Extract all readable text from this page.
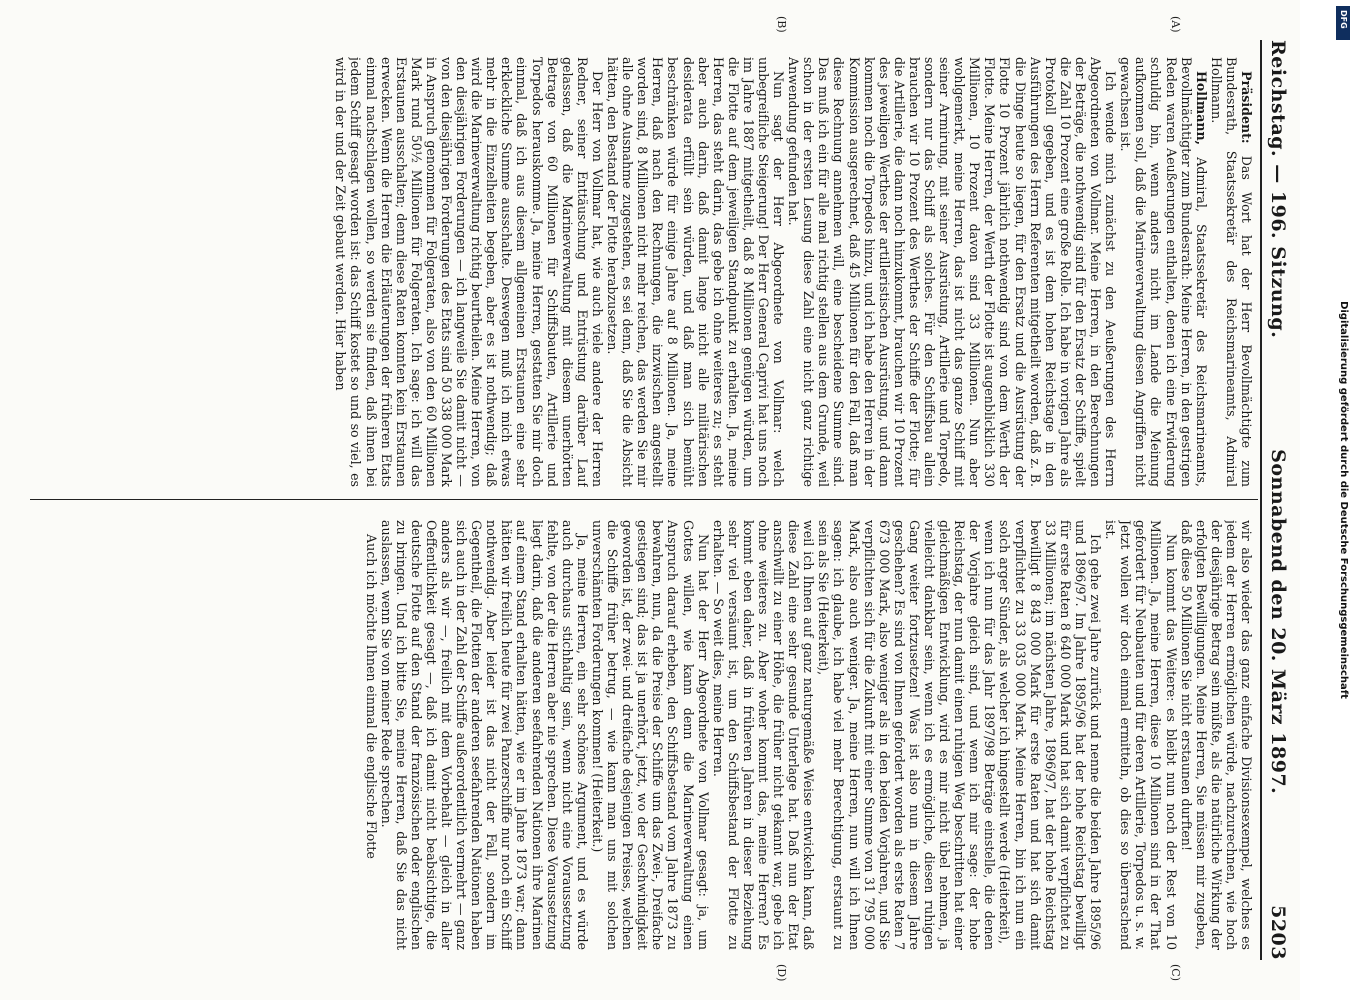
Reichstag. — 196. Sitzung.
Sonnabend den 20. März 1897.
5203
(A)
(B)
(C)
(D)

Präsident: Das Wort hat der Herr Bevollmächtigte zum Bundesrath, Staatssekretär des Reichsmarineamts, Admiral Hollmann.

Hollmann, Admiral, Staatssekretär des Reichsmarineamts, Bevollmächtigter zum Bundesrath: Meine Herren, in den gestrigen Reden waren Aeußerungen enthalten, denen ich eine Erwiderung schuldig bin, wenn anders nicht im Lande die Meinung aufkommen soll, daß die Marineverwaltung diesen Angriffen nicht gewachsen ist.

Ich wende mich zunächst zu den Aeußerungen des Herrn Abgeordneten von Vollmar. Meine Herren, in den Berechnungen der Beträge, die nothwendig sind für den Ersatz der Schiffe, spielt die Zahl 10 Prozent eine große Rolle. Ich habe in vorigen Jahre als Protokoll gegeben, und es ist dem hohen Reichstage in den Ausführungen des Herrn Referenten mitgetheilt worden, daß z. B. die Dinge heute so liegen, für den Ersatz und die Ausrüstung der Flotte 10 Prozent jährlich nothwendig sind von dem Werth der Flotte. Meine Herren, der Werth der Flotte ist augenblicklich 330 Millionen, 10 Prozent davon sind 33 Millionen. Nun aber wohlgemerkt, meine Herren, das ist nicht das ganze Schiff mit seiner Armirung, mit seiner Ausrüstung, Artillerie und Torpedo, sondern nur das Schiff als solches. Für den Schiffsbau allein brauchen wir 10 Prozent des Werthes der Schiffe der Flotte; für die Artillerie, die dann noch hinzukommt, brauchen wir 10 Prozent des jeweiligen Werthes der artilleristischen Ausrüstung, und dann kommen noch die Torpedos hinzu, und ich habe den Herren in der Kommission ausgerechnet, daß 45 Millionen für den Fall, daß man diese Rechnung annehmen will, eine bescheidene Summe sind. Das muß ich ein für alle mal richtig stellen aus dem Grunde, weil schon in der ersten Lesung diese Zahl eine nicht ganz richtige Anwendung gefunden hat.

Nun sagt der Herr Abgeordnete von Vollmar: welch unbegreifliche Steigerung! Der Herr General Caprivi hat uns noch im Jahre 1887 mitgetheilt, daß 8 Millionen genügen würden, um die Flotte auf dem jeweiligen Standpunkt zu erhalten. Ja, meine Herren, das steht darin, das gebe ich ohne weiteres zu; es steht aber auch darin, daß damit lange nicht alle militärischen desiderata erfüllt sein würden, und daß man sich bemüht beschränken würde für einige Jahre auf 8 Millionen. Ja, meine Herren, daß nach den Rechnungen, die inzwischen angestellt worden sind, 8 Millionen nicht mehr reichen, das werden Sie mir alle ohne Ausnahme zugestehen, es sei denn, daß Sie die Absicht hätten, den Bestand der Flotte herabzusetzen.

Der Herr von Vollmar hat, wie auch viele andere der Herren Redner, seiner Enttäuschung und Entrüstung darüber Lauf gelassen, daß die Marineverwaltung mit diesem unerhörten Betrage von 60 Millionen für Schiffsbauten, Artillerie und Torpedos herauskomme. Ja, meine Herren, gestatten Sie mir doch einmal, daß ich aus diesem allgemeinen Erstaunen eine sehr erkleckliche Summe ausschalte. Deswegen muß ich mich etwas mehr in die Einzelheiten begeben, aber es ist nothwendig; daß wird die Marineverwaltung richtig beurtheilen. Meine Herren, von den diesjährigen Forderungen — ich langweile Sie damit nicht — von den diesjährigen Forderungen des Etats sind 50 338 000 Mark in Anspruch genommen für Folgeraten, also von den 60 Millionen Mark rund 50½ Millionen für Folgeraten. Ich sage: ich will das Erstaunen ausschalten; denn diese Raten konnten kein Erstaunen erwecken. Wenn die Herren die Erläuterungen der früheren Etats einmal nachschlagen wollen, so werden sie finden, daß ihnen bei jedem Schiff gesagt worden ist: das Schiff kostet so und so viel, es wird in der und der Zeit gebaut werden. Hier haben

wir also wieder das ganz einfache Divisionsexempel, welches es jedem der Herren ermöglichen würde, nachzurechnen, wie hoch der diesjährige Betrag sein müßte, als die natürliche Wirkung der erfolgten Bewilligungen. Meine Herren, Sie müssen mir zugeben, daß diese 50 Millionen Sie nicht erstaunen durften!

Nun kommt das Weitere: es bleibt nun noch der Rest von 10 Millionen. Ja, meine Herren, diese 10 Millionen sind in der That gefordert für Neubauten und für deren Artillerie, Torpedos u. s. w. Jetzt wollen wir doch einmal ermitteln, ob dies so überraschend ist.

Ich gehe zwei Jahre zurück und nenne die beiden Jahre 1895/96 und 1896/97. Im Jahre 1895/96 hat der hohe Reichstag bewilligt für erste Raten 8 640 000 Mark und hat sich damit verpflichtet zu 33 Millionen; im nächsten Jahre, 1896/97, hat der hohe Reichstag bewilligt 8 843 000 Mark für erste Raten und hat sich damit verpflichtet zu 33 035 000 Mark. Meine Herren, bin ich nun ein solch arger Sünder, als welcher ich hingestellt werde (Heiterkeit),

wenn ich nun für das Jahr 1897/98 Beträge einstelle, die denen der Vorjahre gleich sind, und wenn ich mir sage: der hohe Reichstag, der nun damit einen ruhigen Weg beschritten hat einer gleichmäßigen Entwicklung, wird es mir nicht übel nehmen, ja vielleicht dankbar sein, wenn ich es ermögliche, diesen ruhigen Gang weiter fortzusetzen! Was ist also nun in diesem Jahre geschehen? Es sind von Ihnen gefordert worden als erste Raten 7 673 000 Mark, also weniger als in den beiden Vorjahren, und Sie verpflichten sich für die Zukunft mit einer Summe von 31 795 000 Mark, also auch weniger. Ja, meine Herren, nun will ich Ihnen sagen: ich glaube, ich habe viel mehr Berechtigung, erstaunt zu sein als Sie (Heiterkeit),

weil ich Ihnen auf ganz naturgemäße Weise entwickeln kann, daß diese Zahl eine sehr gesunde Unterlage hat. Daß nun der Etat anschwillt zu einer Höhe, die früher nicht gekannt war, gebe ich ohne weiteres zu. Aber woher kommt das, meine Herren? Es kommt eben daher, daß in früheren Jahren in dieser Beziehung sehr viel versäumt ist, um den Schiffsbestand der Flotte zu erhalten. — So weit dies, meine Herren.

Nun hat der Herr Abgeordnete von Vollmar gesagt: ja, um Gottes willen, wie kann denn die Marineverwaltung einen Anspruch darauf erheben, den Schiffsbestand vom Jahre 1873 zu bewahren, nun, da die Preise der Schiffe um das Zwei-, Dreifache gestiegen sind; das ist ja unerhört, jetzt, wo der Geschwindigkeit geworden ist, der zwei- und dreifache desjenigen Preises, welchen die Schiffe früher betrug, — wie kann man uns mit solchen unverschämten Forderungen kommen! (Heiterkeit.)

Ja, meine Herren, ein sehr schönes Argument, und es würde auch durchaus stichhaltig sein, wenn nicht eine Voraussetzung fehlte, von der die Herren aber nie sprechen. Diese Voraussetzung liegt darin, daß die anderen seefahrenden Nationen ihre Marinen auf einem Stand erhalten hätten, wie er im Jahre 1873 war; dann hätten wir freilich heute für zwei Panzerschiffe nur noch ein Schiff nothwendig. Aber leider ist das nicht der Fall, sondern im Gegentheil, die Flotten der anderen seefahrenden Nationen haben sich auch in der Zahl der Schiffe außerordentlich vermehrt — ganz anders als wir —, freilich mit dem Vorbehalt — gleich in aller Oeffentlichkeit gesagt —, daß ich damit nicht beabsichtige, die deutsche Flotte auf den Stand der französischen oder englischen zu bringen. Und ich bitte Sie, meine Herren, daß Sie das nicht auslassen, wenn Sie von meiner Rede sprechen.

Auch ich möchte Ihnen einmal die englische Flotte

DFG
Digitalisierung gefördert durch die Deutsche Forschungsgemeinschaft
